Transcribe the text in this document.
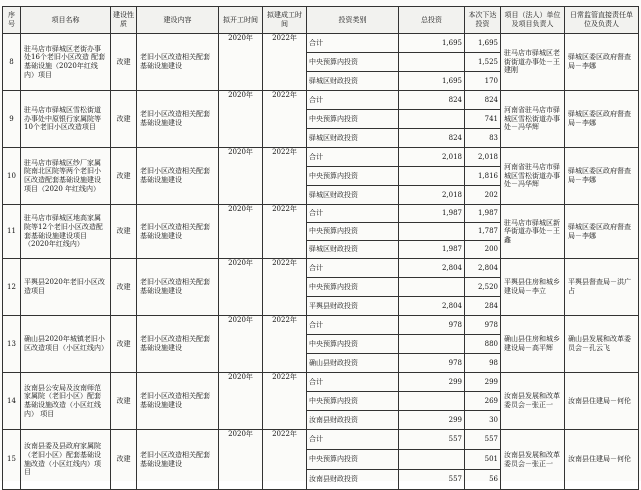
序号	项目名称	建设性质	建设内容	拟开工时间	拟建成工时间	投资类别	总投资	本次下达投资	项目（法人）单位及项目负责人	日常监管直接责任单位及负责人
8	驻马店市驿城区老街办事处16个老旧小区改造 配套基础设施（2020年红线内）项目	改建	老旧小区改造相关配套基础设施建设	2020年	2022年	合计	1,695	1,695	驻马店市驿城区老街街道办事处－王建刚	驿城区委区政府督查局－李娜
						中央预算内投资		1,525		
						驿城区财政投资	1,695	170		
9	驻马店市驿城区雪松街道办事处中原银行家属院等10个老旧小区改造项目	改建	老旧小区改造相关配套基础设施建设	2020年	2022年	合计	824	824	河南省驻马店市驿城区雪松街道办事处－冯华辉	驿城区委区政府督查局－李娜
						中央预算内投资		741		
						驿城区财政投资	824	83		
10	驻马店市驿城区纱厂家属院南北区院等两个老旧小区改造配套基础设施建设项目（2020 年红线内）	改建	老旧小区改造相关配套基础设施建设	2020年	2022年	合计	2,018	2,018	河南省驻马店市驿城区雪松街道办事处－冯华辉	驿城区委区政府督查局－李娜
						中央预算内投资		1,816		
						驿城区财政投资	2,018	202		
11	驻马店市驿城区地高家属院等12个老旧小区改造配套基础设施建设项目（2020年红线内）	改建	老旧小区改造相关配套基础设施建设	2020年	2022年	合计	1,987	1,987	驻马店市驿城区新华街道办事处－王鑫	驿城区委区政府督查局－李娜
						中央预算内投资		1,787		
						驿城区财政投资	1,987	200		
12	平舆县2020年老旧小区改造项目	改建	老旧小区改造相关配套基础设施建设	2020年	2022年	合计	2,804	2,804	平舆县住房和城乡建设局－李立	平舆县督查局－洪广占
						中央预算内投资		2,520		
						平舆县财政投资	2,804	284		
13	确山县2020年城镇老旧小区改造项目（小区红线内）	改建	老旧小区改造相关配套基础设施建设	2020年	2022年	合计	978	978	确山县住房和城乡建设局－高平辉	确山县发展和改革委员会－孔云飞
						中央预算内投资		880		
						确山县财政投资	978	98		
14	汝南县公安局及汝南师范家属院（老旧小区）配套基础设施改造（小区红线内） 项目	改建	老旧小区改造相关配套基础设施建设	2020年	2022年	合计	299	299	汝南县发展和改革委员会－张正一	汝南县住建局－何伦
						中央预算内投资		269		
						汝南县财政投资	299	30		
15	汝南县委及县政府家属院（老旧小区）配套基础设施改造（小区红线内）项目	改建	老旧小区改造相关配套基础设施建设	2020年	2022年	合计	557	557	汝南县发展和改革委员会－张正一	汝南县住建局－何伦
						中央预算内投资		501		
						汝南县财政投资	557	56		
